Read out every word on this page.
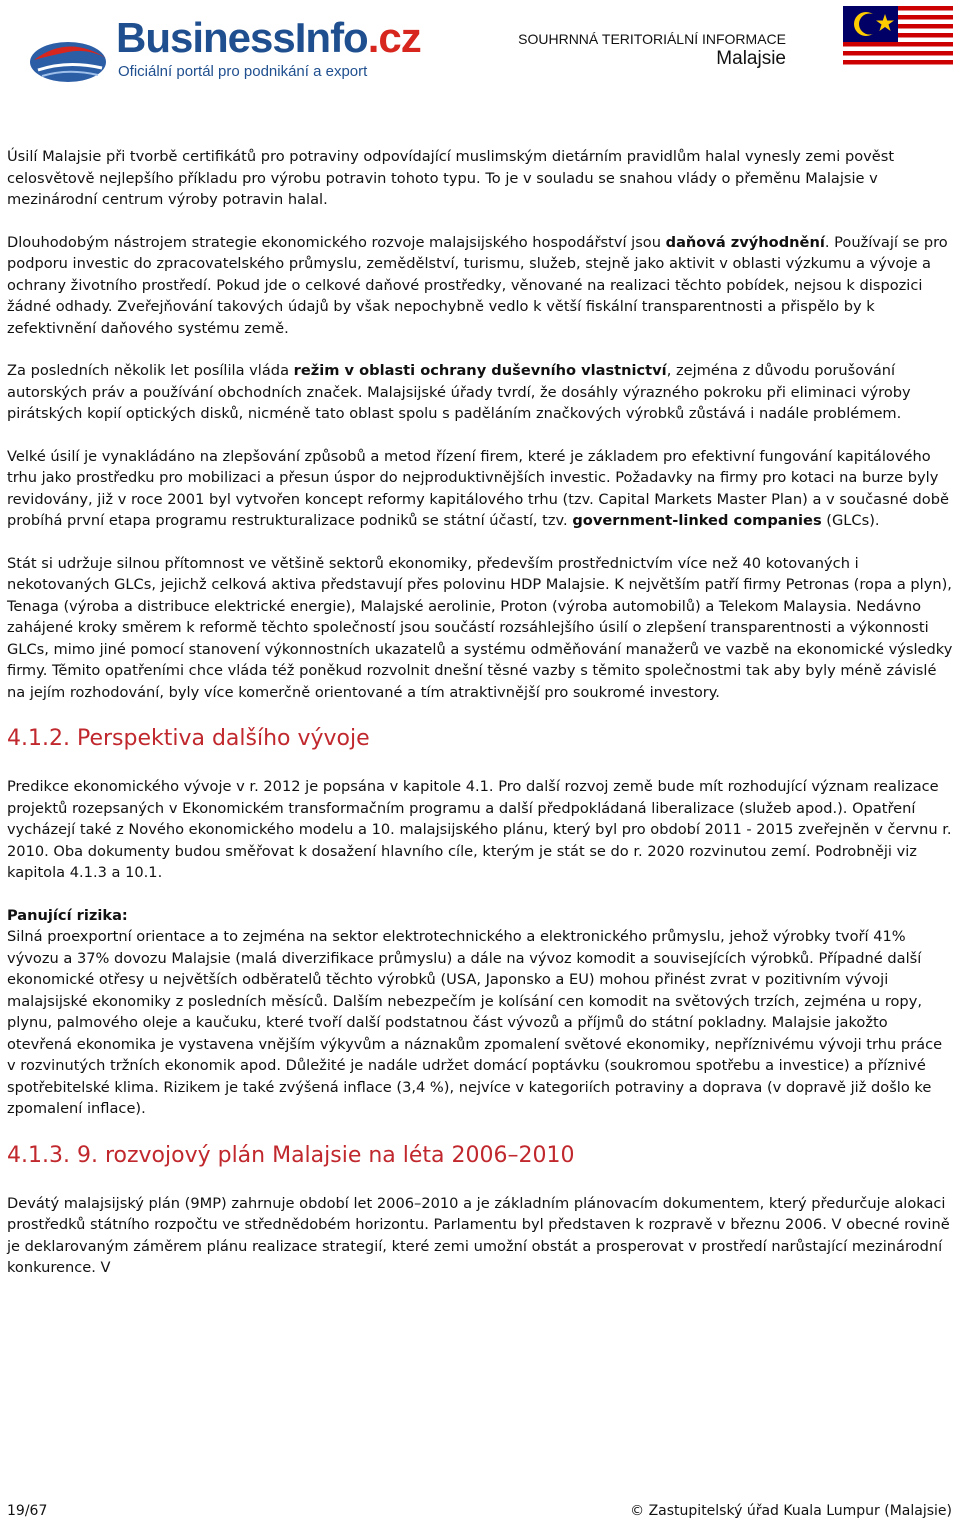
BusinessInfo.cz
Oficiální portál pro podnikání a export
SOUHRNNÁ TERITORIÁLNÍ INFORMACE
Malajsie

Úsilí Malajsie při tvorbě certifikátů pro potraviny odpovídající muslimským dietárním pravidlům halal vynesly zemi pověst celosvětově nejlepšího příkladu pro výrobu potravin tohoto typu. To je v souladu se snahou vlády o přeměnu Malajsie v mezinárodní centrum výroby potravin halal.

Dlouhodobým nástrojem strategie ekonomického rozvoje malajsijského hospodářství jsou daňová zvýhodnění. Používají se pro podporu investic do zpracovatelského průmyslu, zemědělství, turismu, služeb, stejně jako aktivit v oblasti výzkumu a vývoje a ochrany životního prostředí. Pokud jde o celkové daňové prostředky, věnované na realizaci těchto pobídek, nejsou k dispozici žádné odhady. Zveřejňování takových údajů by však nepochybně vedlo k větší fiskální transparentnosti a přispělo by k zefektivnění daňového systému země.

Za posledních několik let posílila vláda režim v oblasti ochrany duševního vlastnictví, zejména z důvodu porušování autorských práv a používání obchodních značek. Malajsijské úřady tvrdí, že dosáhly výrazného pokroku při eliminaci výroby pirátských kopií optických disků, nicméně tato oblast spolu s paděláním značkových výrobků zůstává i nadále problémem.

Velké úsilí je vynakládáno na zlepšování způsobů a metod řízení firem, které je základem pro efektivní fungování kapitálového trhu jako prostředku pro mobilizaci a přesun úspor do nejproduktivnějších investic. Požadavky na firmy pro kotaci na burze byly revidovány, již v roce 2001 byl vytvořen koncept reformy kapitálového trhu (tzv. Capital Markets Master Plan) a v současné době probíhá první etapa programu restrukturalizace podniků se státní účastí, tzv. government-linked companies (GLCs).

Stát si udržuje silnou přítomnost ve většině sektorů ekonomiky, především prostřednictvím více než 40 kotovaných i nekotovaných GLCs, jejichž celková aktiva představují přes polovinu HDP Malajsie. K největším patří firmy Petronas (ropa a plyn), Tenaga (výroba a distribuce elektrické energie), Malajské aerolinie, Proton (výroba automobilů) a Telekom Malaysia. Nedávno zahájené kroky směrem k reformě těchto společností jsou součástí rozsáhlejšího úsilí o zlepšení transparentnosti a výkonnosti GLCs, mimo jiné pomocí stanovení výkonnostních ukazatelů a systému odměňování manažerů ve vazbě na ekonomické výsledky firmy. Těmito opatřeními chce vláda též poněkud rozvolnit dnešní těsné vazby s těmito společnostmi tak aby byly méně závislé na jejím rozhodování, byly více komerčně orientované a tím atraktivnější pro soukromé investory.

4.1.2. Perspektiva dalšího vývoje

Predikce ekonomického vývoje v r. 2012 je popsána v kapitole 4.1. Pro další rozvoj země bude mít rozhodující význam realizace projektů rozepsaných v Ekonomickém transformačním programu a další předpokládaná liberalizace (služeb apod.). Opatření vycházejí také z Nového ekonomického modelu a 10. malajsijského plánu, který byl pro období 2011 - 2015 zveřejněn v červnu r. 2010. Oba dokumenty budou směřovat k dosažení hlavního cíle, kterým je stát se do r. 2020 rozvinutou zemí. Podrobněji viz kapitola 4.1.3 a 10.1.

Panující rizika:

Silná proexportní orientace a to zejména na sektor elektrotechnického a elektronického průmyslu, jehož výrobky tvoří 41% vývozu a 37% dovozu Malajsie (malá diverzifikace průmyslu) a dále na vývoz komodit a souvisejících výrobků. Případné další ekonomické otřesy u největších odběratelů těchto výrobků (USA, Japonsko a EU) mohou přinést zvrat v pozitivním vývoji malajsijské ekonomiky z posledních měsíců. Dalším nebezpečím je kolísání cen komodit na světových trzích, zejména u ropy, plynu, palmového oleje a kaučuku, které tvoří další podstatnou část vývozů a příjmů do státní pokladny. Malajsie jakožto otevřená ekonomika je vystavena vnějším výkyvům a náznakům zpomalení světové ekonomiky, nepříznivému vývoji trhu práce v rozvinutých tržních ekonomik apod. Důležité je nadále udržet domácí poptávku (soukromou spotřebu a investice) a příznivé spotřebitelské klima. Rizikem je také zvýšená inflace (3,4 %), nejvíce v kategoriích potraviny a doprava (v dopravě již došlo ke zpomalení inflace).

4.1.3. 9. rozvojový plán Malajsie na léta 2006–2010

Devátý malajsijský plán (9MP) zahrnuje období let 2006–2010 a je základním plánovacím dokumentem, který předurčuje alokaci prostředků státního rozpočtu ve střednědobém horizontu. Parlamentu byl představen k rozpravě v březnu 2006. V obecné rovině je deklarovaným záměrem plánu realizace strategií, které zemi umožní obstát a prosperovat v prostředí narůstající mezinárodní konkurence. V

19/67	© Zastupitelský úřad Kuala Lumpur (Malajsie)
